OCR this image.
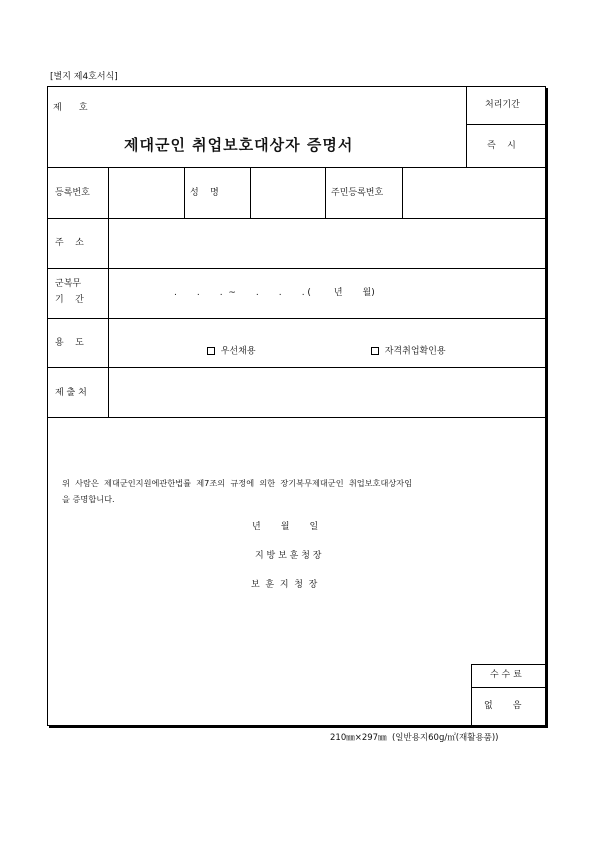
[별지 제4호서식]
제      호
제대군인 취업보호대상자 증명서
처리기간
즉    시
등록번호	성    명	주민등록번호
주    소
군복무
기    간
.       .       .  ~       .       .       . (        년       월)
용    도

우선채용	자격취업확인용

제 출 처
위  사람은  제대군인지원에관한법률  제7조의  규정에  의한  장기복무제대군인  취업보호대상자임
을 증명합니다.
년       월       일
지 방 보 훈 청 장
보  훈  지  청  장
수 수 료
없       음
210㎜×297㎜  (일반용지60g/㎡(재활용품))
